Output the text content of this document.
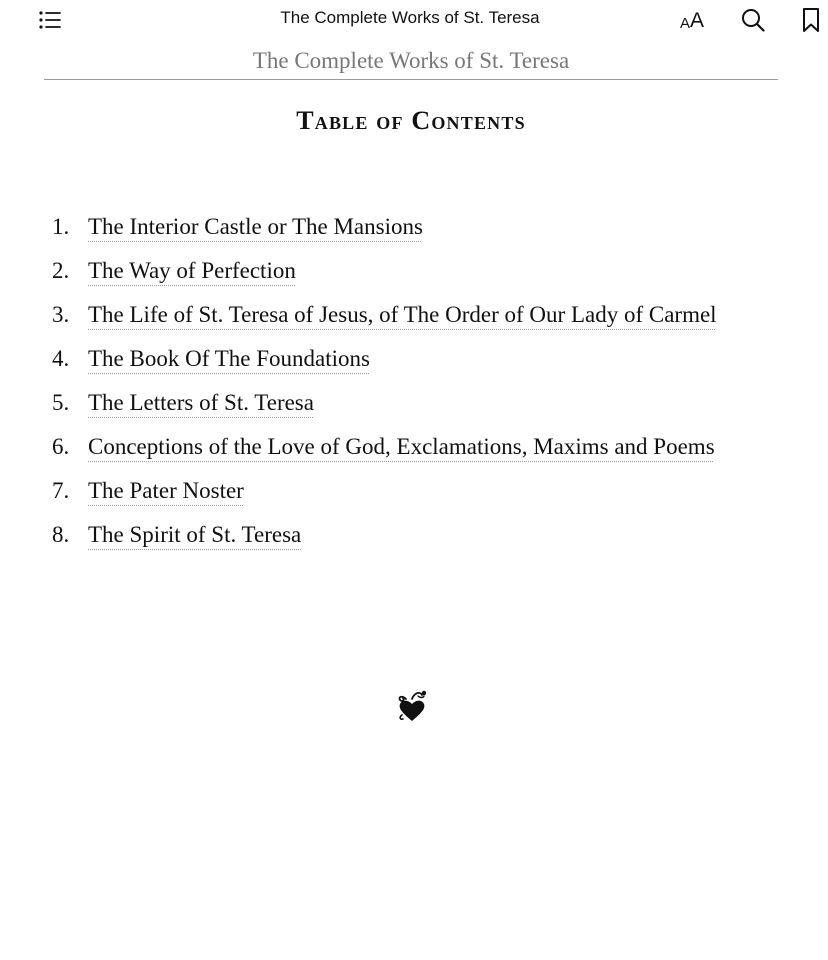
The Complete Works of St. Teresa	A A
The Complete Works of St. Teresa
Table of Contents
1. The Interior Castle or The Mansions
2. The Way of Perfection
3. The Life of St. Teresa of Jesus, of The Order of Our Lady of Carmel
4. The Book Of The Foundations
5. The Letters of St. Teresa
6. Conceptions of the Love of God, Exclamations, Maxims and Poems
7. The Pater Noster
8. The Spirit of St. Teresa
